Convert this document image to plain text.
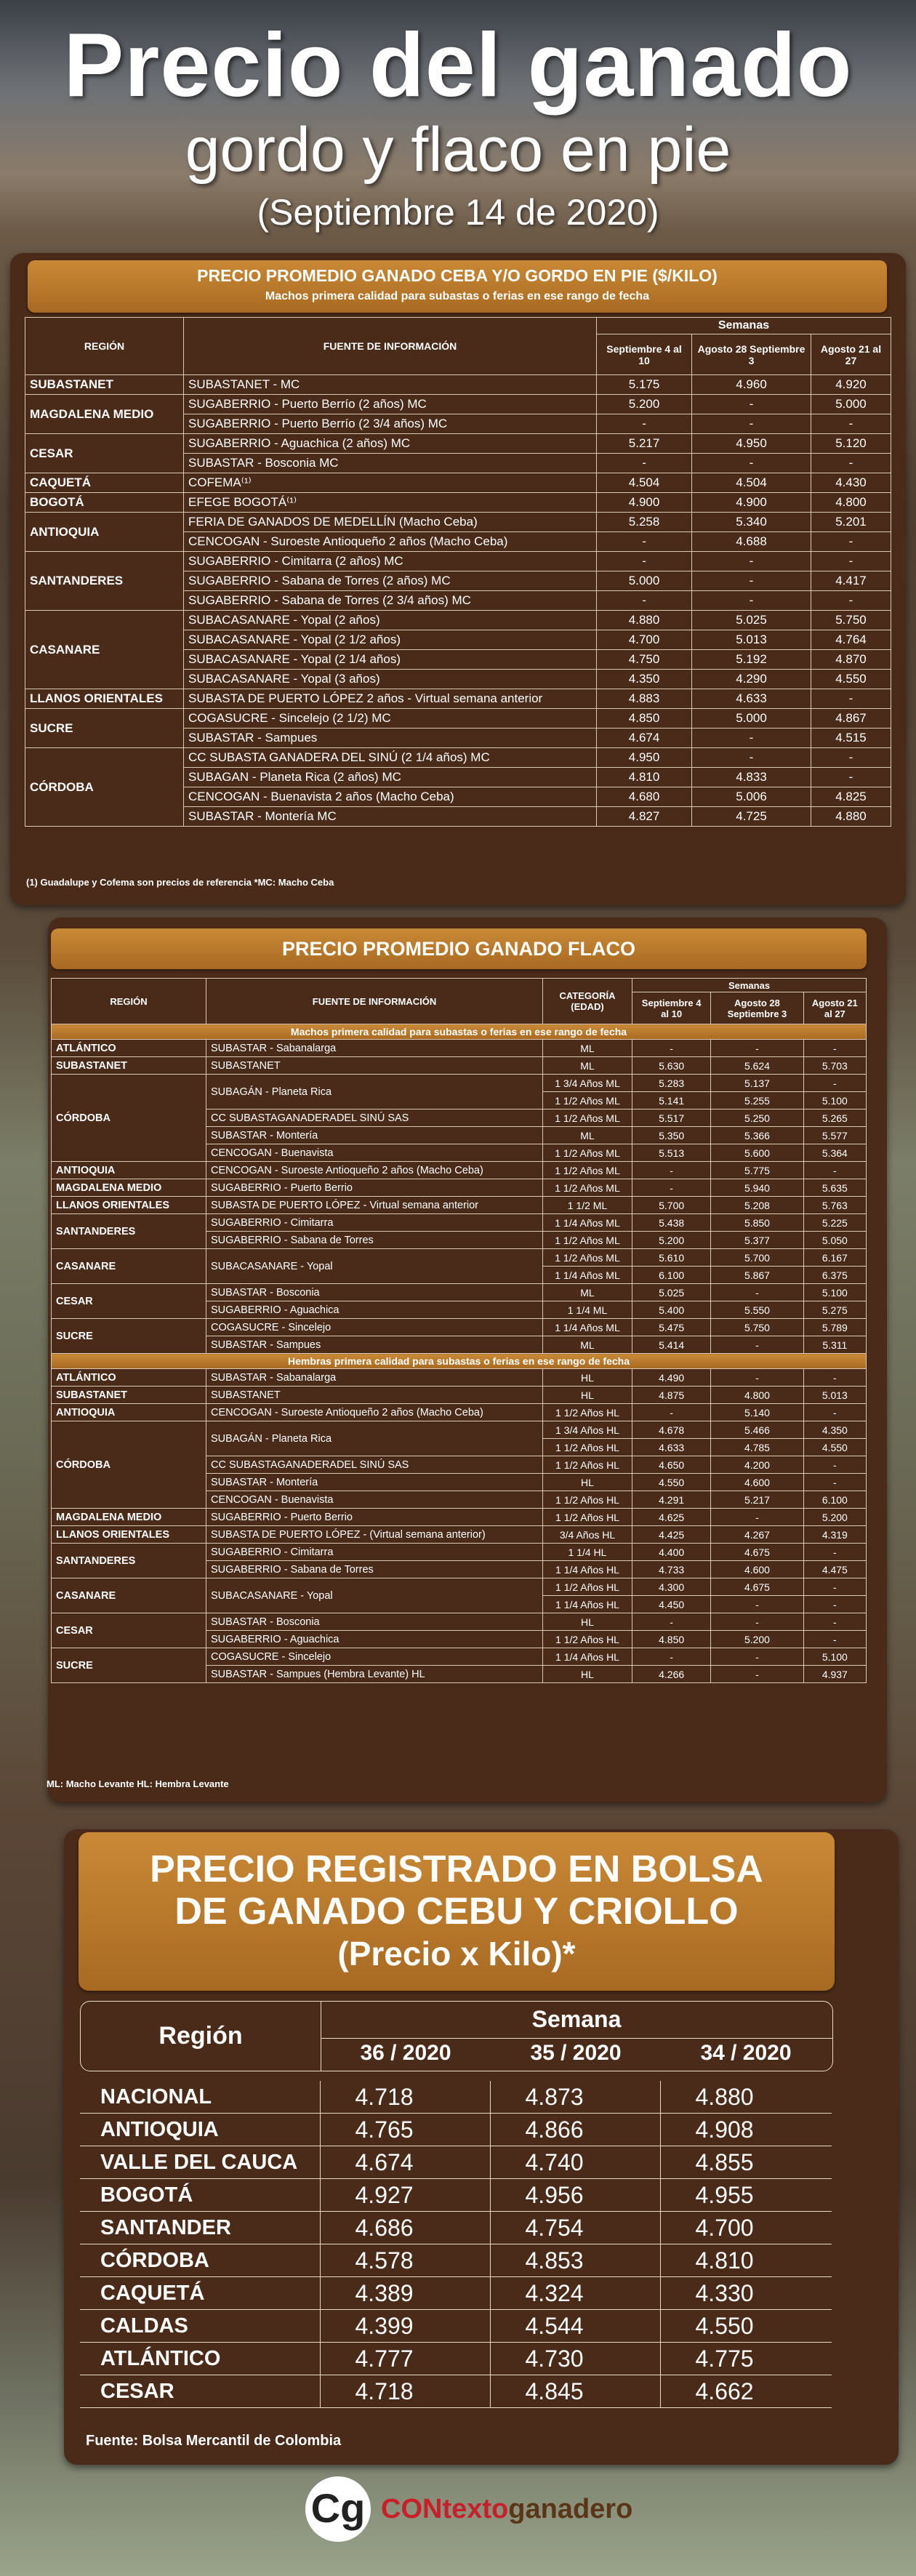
Precio del ganado
gordo y flaco en pie
(Septiembre 14 de 2020)
PRECIO PROMEDIO GANADO CEBA Y/O GORDO EN PIE ($/KILO)
Machos primera calidad para subastas o ferias en ese rango de fecha
REGIÓN	FUENTE DE INFORMACIÓN	Semanas		
		Septiembre 4 al 10	Agosto 28 Septiembre 3	Agosto 21 al 27
SUBASTANET	SUBASTANET - MC	5.175	4.960	4.920
MAGDALENA MEDIO	SUGABERRIO - Puerto Berrío (2 años) MC	5.200	-	5.000
	SUGABERRIO - Puerto Berrío (2 3/4 años) MC	-	-	-
CESAR	SUGABERRIO - Aguachica (2 años) MC	5.217	4.950	5.120
	SUBASTAR - Bosconia MC	-	-	-
CAQUETÁ	COFEMA⁽¹⁾	4.504	4.504	4.430
BOGOTÁ	EFEGE BOGOTÁ⁽¹⁾	4.900	4.900	4.800
ANTIOQUIA	FERIA DE GANADOS DE MEDELLÍN (Macho Ceba)	5.258	5.340	5.201
	CENCOGAN - Suroeste Antioqueño 2 años (Macho Ceba)	-	4.688	-
SANTANDERES	SUGABERRIO - Cimitarra (2 años) MC	-	-	-
	SUGABERRIO - Sabana de Torres (2 años) MC	5.000	-	4.417
	SUGABERRIO - Sabana de Torres (2 3/4 años) MC	-	-	-
CASANARE	SUBACASANARE - Yopal (2 años)	4.880	5.025	5.750
	SUBACASANARE - Yopal (2 1/2 años)	4.700	5.013	4.764
	SUBACASANARE - Yopal (2 1/4 años)	4.750	5.192	4.870
	SUBACASANARE - Yopal (3 años)	4.350	4.290	4.550
LLANOS ORIENTALES	SUBASTA DE PUERTO LÓPEZ 2 años - Virtual semana anterior	4.883	4.633	-
SUCRE	COGASUCRE - Sincelejo (2 1/2) MC	4.850	5.000	4.867
	SUBASTAR - Sampues	4.674	-	4.515
CÓRDOBA	CC SUBASTA GANADERA DEL SINÚ (2 1/4 años) MC	4.950	-	-
	SUBAGAN - Planeta Rica (2 años) MC	4.810	4.833	-
	CENCOGAN - Buenavista 2 años (Macho Ceba)	4.680	5.006	4.825
	SUBASTAR - Montería MC	4.827	4.725	4.880
(1) Guadalupe y Cofema son precios de referencia *MC: Macho Ceba
PRECIO PROMEDIO GANADO FLACO
REGIÓN	FUENTE DE INFORMACIÓN	CATEGORÍA (EDAD)	Semanas		
			Septiembre 4 al 10	Agosto 28 Septiembre 3	Agosto 21 al 27
Machos primera calidad para subastas o ferias en ese rango de fecha					
ATLÁNTICO	SUBASTAR - Sabanalarga	ML	-	-	-
SUBASTANET	SUBASTANET	ML	5.630	5.624	5.703
CÓRDOBA	SUBAGÁN - Planeta Rica	1 3/4 Años ML	5.283	5.137	-
		1 1/2 Años ML	5.141	5.255	5.100
	CC SUBASTAGANADERADEL SINÚ SAS	1 1/2 Años ML	5.517	5.250	5.265
	SUBASTAR - Montería	ML	5.350	5.366	5.577
	CENCOGAN - Buenavista	1 1/2 Años ML	5.513	5.600	5.364
ANTIOQUIA	CENCOGAN - Suroeste Antioqueño 2 años (Macho Ceba)	1 1/2 Años ML	-	5.775	-
MAGDALENA MEDIO	SUGABERRIO - Puerto Berrio	1 1/2 Años ML	-	5.940	5.635
LLANOS ORIENTALES	SUBASTA DE PUERTO LÓPEZ - Virtual semana anterior	1 1/2 ML	5.700	5.208	5.763
SANTANDERES	SUGABERRIO - Cimitarra	1 1/4 Años ML	5.438	5.850	5.225
	SUGABERRIO - Sabana de Torres	1 1/2 Años ML	5.200	5.377	5.050
CASANARE	SUBACASANARE - Yopal	1 1/2 Años ML	5.610	5.700	6.167
		1 1/4 Años ML	6.100	5.867	6.375
CESAR	SUBASTAR - Bosconia	ML	5.025	-	5.100
	SUGABERRIO - Aguachica	1 1/4 ML	5.400	5.550	5.275
SUCRE	COGASUCRE - Sincelejo	1 1/4 Años ML	5.475	5.750	5.789
	SUBASTAR - Sampues	ML	5.414	-	5.311
Hembras primera calidad para subastas o ferias en ese rango de fecha					
ATLÁNTICO	SUBASTAR - Sabanalarga	HL	4.490	-	-
SUBASTANET	SUBASTANET	HL	4.875	4.800	5.013
ANTIOQUIA	CENCOGAN - Suroeste Antioqueño 2 años (Macho Ceba)	1 1/2 Años HL	-	5.140	-
CÓRDOBA	SUBAGÁN - Planeta Rica	1 3/4 Años HL	4.678	5.466	4.350
		1 1/2 Años HL	4.633	4.785	4.550
	CC SUBASTAGANADERADEL SINÚ SAS	1 1/2 Años HL	4.650	4.200	-
	SUBASTAR - Montería	HL	4.550	4.600	-
	CENCOGAN - Buenavista	1 1/2 Años HL	4.291	5.217	6.100
MAGDALENA MEDIO	SUGABERRIO - Puerto Berrio	1 1/2 Años HL	4.625	-	5.200
LLANOS ORIENTALES	SUBASTA DE PUERTO LÓPEZ - (Virtual semana anterior)	3/4 Años HL	4.425	4.267	4.319
SANTANDERES	SUGABERRIO - Cimitarra	1 1/4 HL	4.400	4.675	-
	SUGABERRIO - Sabana de Torres	1 1/4 Años HL	4.733	4.600	4.475
CASANARE	SUBACASANARE - Yopal	1 1/2 Años HL	4.300	4.675	-
		1 1/4 Años HL	4.450	-	-
CESAR	SUBASTAR - Bosconia	HL	-	-	-
	SUGABERRIO - Aguachica	1 1/2 Años HL	4.850	5.200	-
SUCRE	COGASUCRE - Sincelejo	1 1/4 Años HL	-	-	5.100
	SUBASTAR - Sampues (Hembra Levante) HL	HL	4.266	-	4.937
ML: Macho Levante HL: Hembra Levante
PRECIO REGISTRADO EN BOLSA
DE GANADO CEBU Y CRIOLLO
(Precio x Kilo)*
Región
Semana
36 / 2020	35 / 2020	34 / 2020
NACIONAL	4.718	4.873	4.880
ANTIOQUIA	4.765	4.866	4.908
VALLE DEL CAUCA	4.674	4.740	4.855
BOGOTÁ	4.927	4.956	4.955
SANTANDER	4.686	4.754	4.700
CÓRDOBA	4.578	4.853	4.810
CAQUETÁ	4.389	4.324	4.330
CALDAS	4.399	4.544	4.550
ATLÁNTICO	4.777	4.730	4.775
CESAR	4.718	4.845	4.662
Fuente: Bolsa Mercantil de Colombia
Cg CONtextoganadero
